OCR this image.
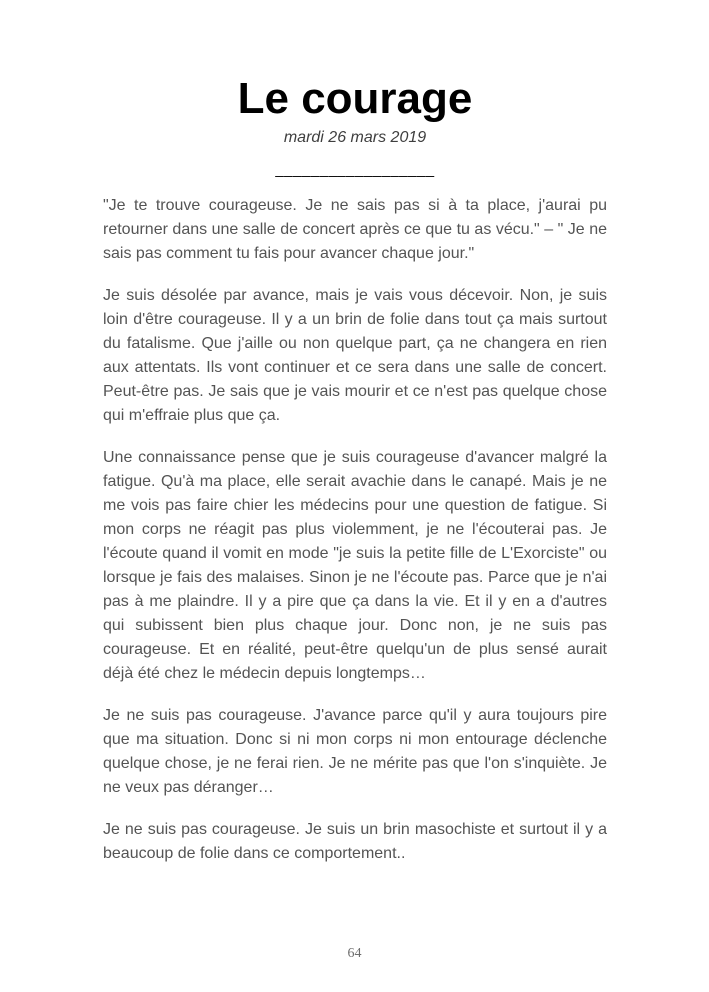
Le courage
mardi 26 mars 2019
__________________

"Je te trouve courageuse. Je ne sais pas si à ta place, j'aurai pu retourner dans une salle de concert après ce que tu as vécu." – " Je ne sais pas comment tu fais pour avancer chaque jour."

Je suis désolée par avance, mais je vais vous décevoir. Non, je suis loin d'être courageuse. Il y a un brin de folie dans tout ça mais surtout du fatalisme. Que j'aille ou non quelque part, ça ne changera en rien aux attentats. Ils vont continuer et ce sera dans une salle de concert. Peut-être pas. Je sais que je vais mourir et ce n'est pas quelque chose qui m'effraie plus que ça.

Une connaissance pense que je suis courageuse d'avancer malgré la fatigue. Qu'à ma place, elle serait avachie dans le canapé. Mais je ne me vois pas faire chier les médecins pour une question de fatigue. Si mon corps ne réagit pas plus violemment, je ne l'écouterai pas. Je l'écoute quand il vomit en mode "je suis la petite fille de L'Exorciste" ou lorsque je fais des malaises. Sinon je ne l'écoute pas. Parce que je n'ai pas à me plaindre. Il y a pire que ça dans la vie. Et il y en a d'autres qui subissent bien plus chaque jour. Donc non, je ne suis pas courageuse. Et en réalité, peut-être quelqu'un de plus sensé aurait déjà été chez le médecin depuis longtemps…

Je ne suis pas courageuse. J'avance parce qu'il y aura toujours pire que ma situation. Donc si ni mon corps ni mon entourage déclenche quelque chose, je ne ferai rien. Je ne mérite pas que l'on s'inquiète. Je ne veux pas déranger…

Je ne suis pas courageuse. Je suis un brin masochiste et surtout il y a beaucoup de folie dans ce comportement..

64
